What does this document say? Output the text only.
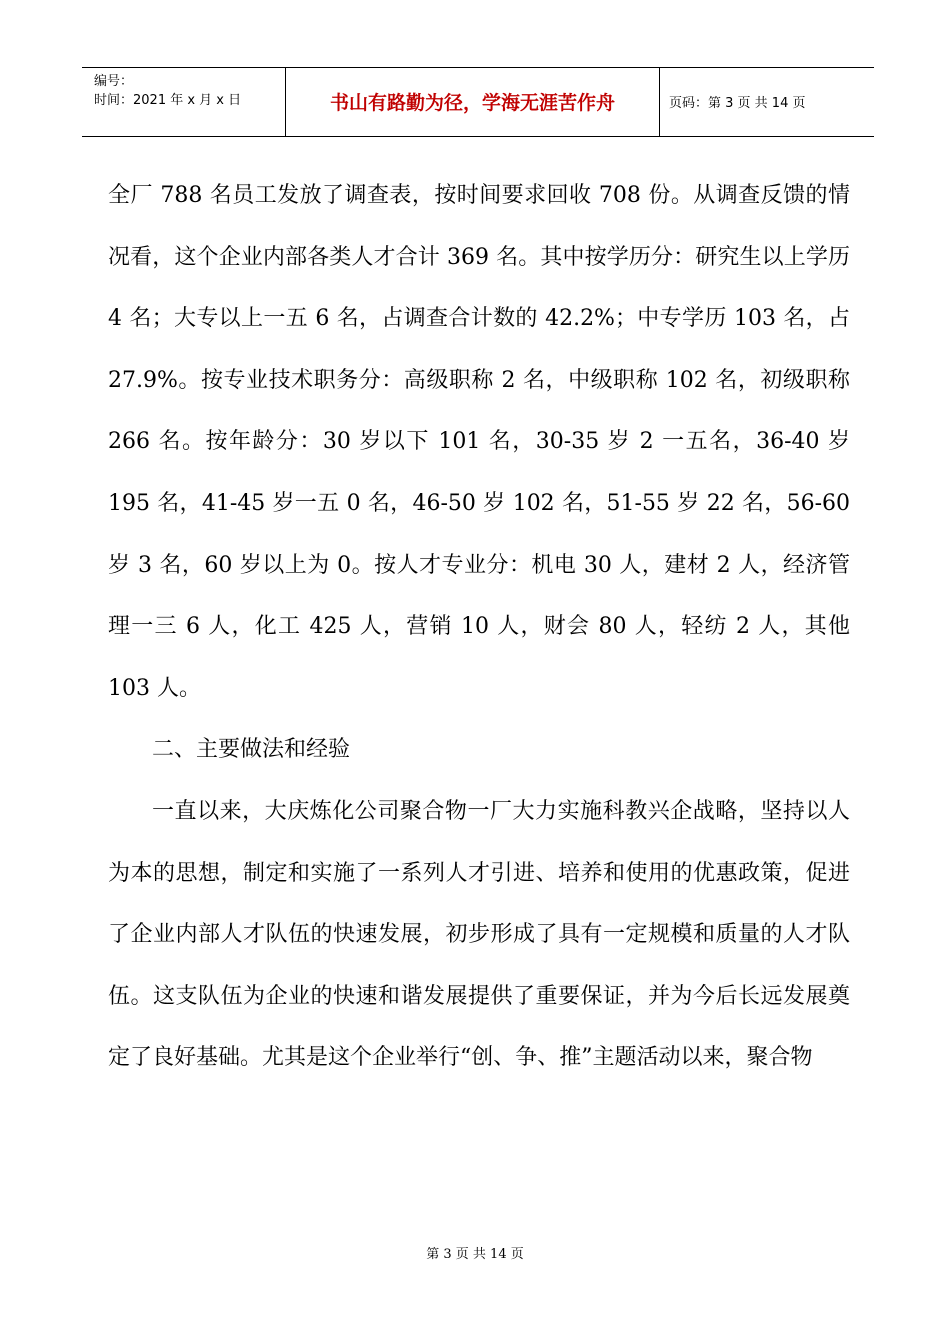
编号：
时间：2021 年 x 月 x 日	书山有路勤为径，学海无涯苦作舟	页码：第 3 页 共 14 页

全厂 788 名员工发放了调查表，按时间要求回收 708 份。从调查反馈的情况看，这个企业内部各类人才合计 369 名。其中按学历分：研究生以上学历 4 名；大专以上一五 6 名，占调查合计数的 42.2%；中专学历 103 名，占 27.9%。按专业技术职务分：高级职称 2 名，中级职称 102 名，初级职称 266 名。按年龄分：30 岁以下 101 名，30-35 岁 2 一五名，36-40 岁 195 名，41-45 岁一五 0 名，46-50 岁 102 名，51-55 岁 22 名，56-60 岁 3 名，60 岁以上为 0。按人才专业分：机电 30 人，建材 2 人，经济管理一三 6 人，化工 425 人，营销 10 人，财会 80 人，轻纺 2 人，其他 103 人。

二、主要做法和经验

一直以来，大庆炼化公司聚合物一厂大力实施科教兴企战略，坚持以人为本的思想，制定和实施了一系列人才引进、培养和使用的优惠政策，促进了企业内部人才队伍的快速发展，初步形成了具有一定规模和质量的人才队伍。这支队伍为企业的快速和谐发展提供了重要保证，并为今后长远发展奠定了良好基础。尤其是这个企业举行“创、争、推”主题活动以来，聚合物

第 3 页 共 14 页
